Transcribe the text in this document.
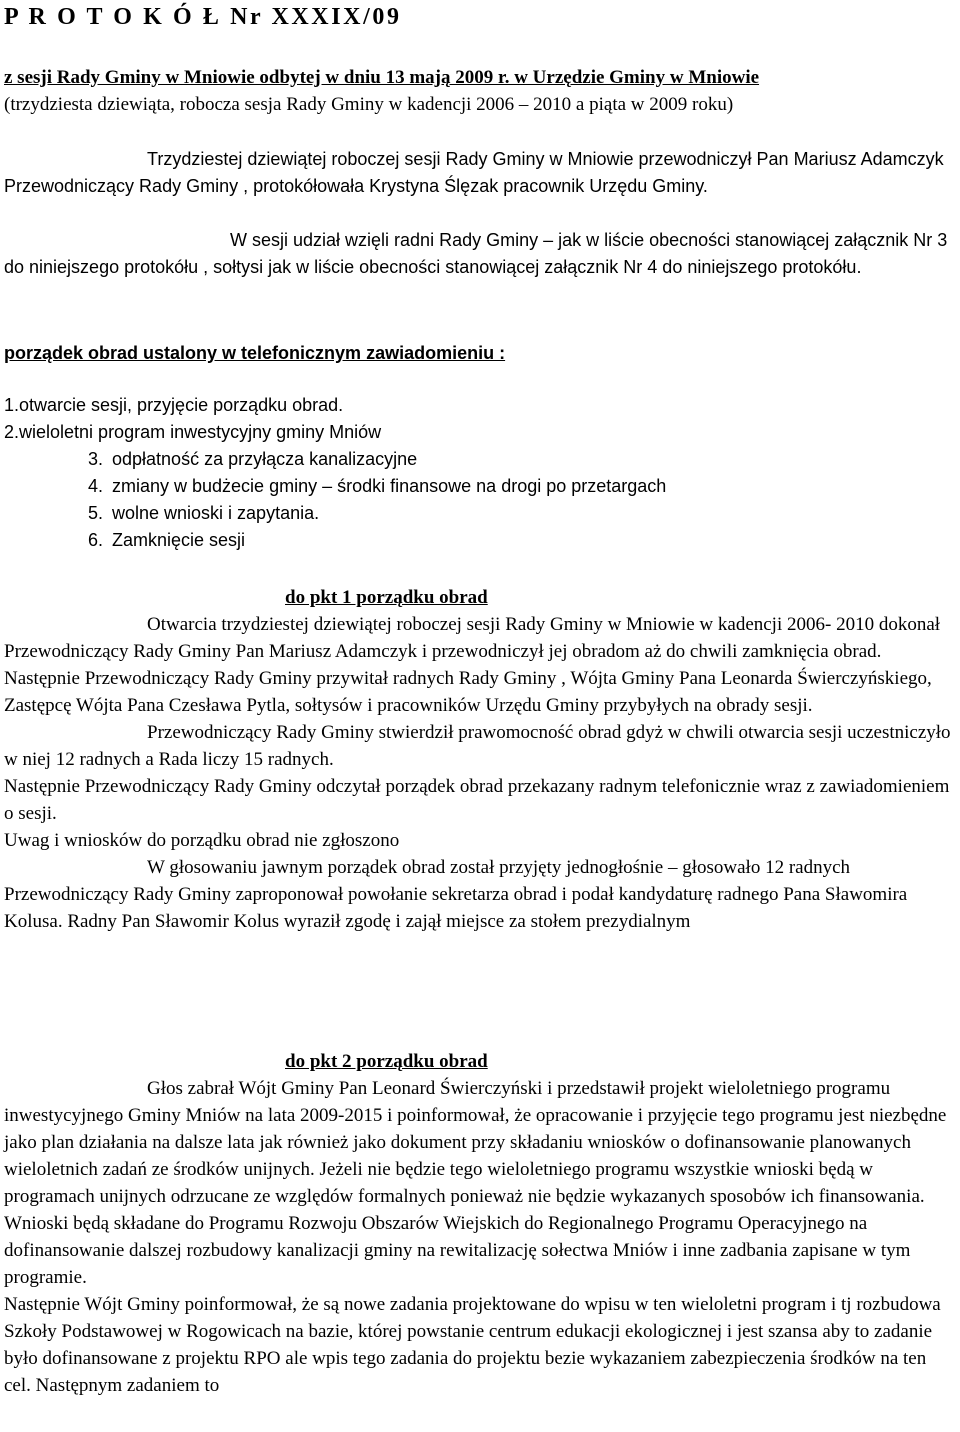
P R O T O K Ó Ł Nr XXXIX/09
z sesji Rady Gminy w Mniowie odbytej w dniu 13 mają 2009 r. w Urzędzie Gminy w Mniowie
(trzydziesta dziewiąta, robocza sesja Rady Gminy w kadencji 2006 – 2010 a piąta w 2009 roku)

Trzydziestej dziewiątej roboczej sesji Rady Gminy w Mniowie przewodniczył Pan Mariusz Adamczyk Przewodniczący Rady Gminy , protokółowała Krystyna Ślęzak pracownik Urzędu Gminy.

W sesji udział wzięli radni Rady Gminy – jak w liście obecności stanowiącej załącznik Nr 3 do niniejszego protokółu , sołtysi jak w liście obecności stanowiącej załącznik Nr 4 do niniejszego protokółu.

porządek obrad ustalony w telefonicznym zawiadomieniu :
1.otwarcie sesji, przyjęcie porządku obrad.
2.wieloletni program inwestycyjny gminy Mniów
3. odpłatność za przyłącza kanalizacyjne
4. zmiany w budżecie gminy – środki finansowe na drogi po przetargach
5. wolne wnioski i zapytania.
6. Zamknięcie sesji
do pkt 1 porządku obrad

Otwarcia trzydziestej dziewiątej roboczej sesji Rady Gminy w Mniowie w kadencji 2006- 2010 dokonał Przewodniczący Rady Gminy Pan Mariusz Adamczyk i przewodniczył jej obradom aż do chwili zamknięcia obrad.

Następnie Przewodniczący Rady Gminy przywitał radnych Rady Gminy , Wójta Gminy Pana Leonarda Świerczyńskiego, Zastępcę Wójta Pana Czesława Pytla, sołtysów i pracowników Urzędu Gminy przybyłych na obrady sesji.

Przewodniczący Rady Gminy stwierdził prawomocność obrad gdyż w chwili otwarcia sesji uczestniczyło w niej 12 radnych a Rada liczy 15 radnych.

Następnie Przewodniczący Rady Gminy odczytał porządek obrad przekazany radnym telefonicznie wraz z zawiadomieniem o sesji.

Uwag i wniosków do porządku obrad nie zgłoszono

W głosowaniu jawnym porządek obrad został przyjęty jednogłośnie – głosowało 12 radnych

Przewodniczący Rady Gminy zaproponował powołanie sekretarza obrad i podał kandydaturę radnego Pana Sławomira Kolusa. Radny Pan Sławomir Kolus wyraził zgodę i zajął miejsce za stołem prezydialnym

do pkt 2 porządku obrad

Głos zabrał Wójt Gminy Pan Leonard Świerczyński i przedstawił projekt wieloletniego programu inwestycyjnego Gminy Mniów na lata 2009-2015 i poinformował, że opracowanie i przyjęcie tego programu jest niezbędne jako plan działania na dalsze lata jak również jako dokument przy składaniu wniosków o dofinansowanie planowanych wieloletnich zadań ze środków unijnych. Jeżeli nie będzie tego wieloletniego programu wszystkie wnioski będą w programach unijnych odrzucane ze względów formalnych ponieważ nie będzie wykazanych sposobów ich finansowania. Wnioski będą składane do Programu Rozwoju Obszarów Wiejskich do Regionalnego Programu Operacyjnego na dofinansowanie dalszej rozbudowy kanalizacji gminy na rewitalizację sołectwa Mniów i inne zadbania zapisane w tym programie.

Następnie Wójt Gminy poinformował, że są nowe zadania projektowane do wpisu w ten wieloletni program i tj rozbudowa Szkoły Podstawowej w Rogowicach na bazie, której powstanie centrum edukacji ekologicznej i jest szansa aby to zadanie było dofinansowane z projektu RPO ale wpis tego zadania do projektu bezie wykazaniem zabezpieczenia środków na ten cel. Następnym zadaniem to
